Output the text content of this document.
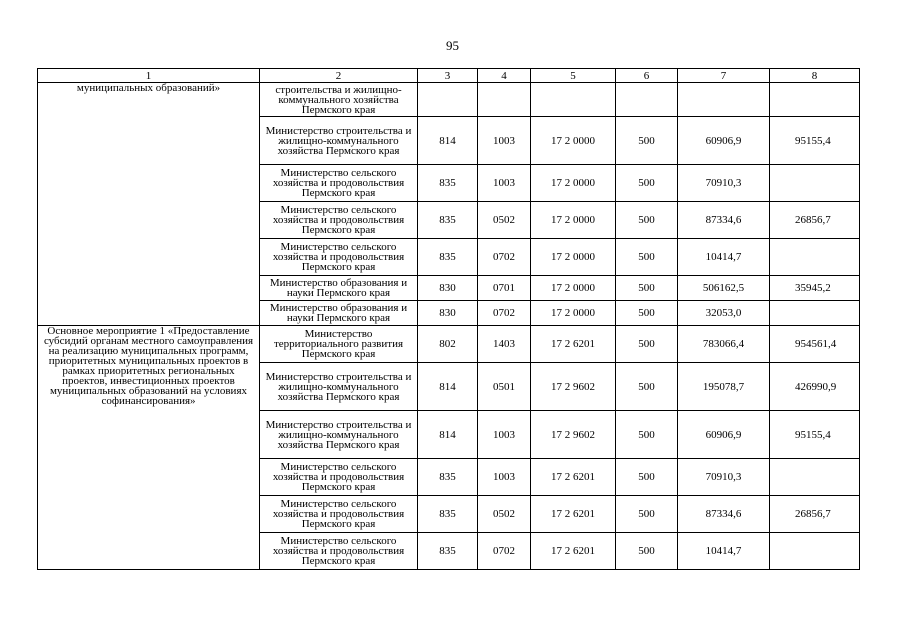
95
1	2	3	4	5	6	7	8
муниципальных образований»	строительства и жилищно-коммунального хозяйства Пермского края						
	Министерство строительства и жилищно-коммунального хозяйства Пермского края	814	1003	17 2 0000	500	60906,9	95155,4
	Министерство сельского хозяйства и продовольствия Пермского края	835	1003	17 2 0000	500	70910,3	
	Министерство сельского хозяйства и продовольствия Пермского края	835	0502	17 2 0000	500	87334,6	26856,7
	Министерство сельского хозяйства и продовольствия Пермского края	835	0702	17 2 0000	500	10414,7	
	Министерство образования и науки Пермского края	830	0701	17 2 0000	500	506162,5	35945,2
	Министерство образования и науки Пермского края	830	0702	17 2 0000	500	32053,0	
Основное мероприятие 1 «Предоставление субсидий органам местного самоуправления на реализацию муниципальных программ, приоритетных муниципальных проектов в рамках приоритетных региональных проектов, инвестиционных проектов муниципальных образований на условиях софинансирования»	Министерство территориального развития Пермского края	802	1403	17 2 6201	500	783066,4	954561,4
	Министерство строительства и жилищно-коммунального хозяйства Пермского края	814	0501	17 2 9602	500	195078,7	426990,9
	Министерство строительства и жилищно-коммунального хозяйства Пермского края	814	1003	17 2 9602	500	60906,9	95155,4
	Министерство сельского хозяйства и продовольствия Пермского края	835	1003	17 2 6201	500	70910,3	
	Министерство сельского хозяйства и продовольствия Пермского края	835	0502	17 2 6201	500	87334,6	26856,7
	Министерство сельского хозяйства и продовольствия Пермского края	835	0702	17 2 6201	500	10414,7	
